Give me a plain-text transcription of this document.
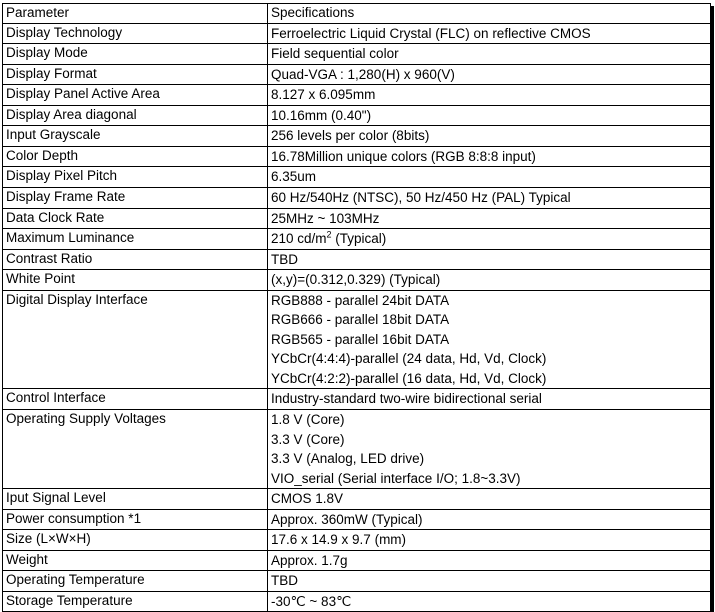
Parameter	Specifications
Display Technology	Ferroelectric Liquid Crystal (FLC) on reflective CMOS

Display Mode	Field sequential color

Display Format	Quad-VGA : 1,280(H) x 960(V)

Display Panel Active Area	8.127 x 6.095mm

Display Area diagonal	10.16mm (0.40")

Input Grayscale	256 levels per color (8bits)

Color Depth	16.78Million unique colors (RGB 8:8:8 input)

Display Pixel Pitch	6.35um

Display Frame Rate	60 Hz/540Hz (NTSC), 50 Hz/450 Hz (PAL) Typical

Data Clock Rate	25MHz ~ 103MHz

Maximum Luminance	210 $cd/m^2$ (Typical)

Contrast Ratio	TBD

White Point	(x,y)=(0.312,0.329) (Typical)

Digital Display Interface	RGB888 - parallel 24bit DATA
RGB666 - parallel 18bit DATA
RGB565 - parallel 16bit DATA
YCbCr(4:4:4)-parallel (24 data, Hd, Vd, Clock)
YCbCr(4:2:2)-parallel (16 data, Hd, Vd, Clock)

Control Interface	Industry-standard two-wire bidirectional serial

Operating Supply Voltages	1.8 V (Core)
3.3 V (Core)
3.3 V (Analog, LED drive)
VIO_serial (Serial interface I/O; 1.8~3.3V)

Iput Signal Level	CMOS 1.8V

Power consumption *1	Approx. 360mW (Typical)

Size (L×W×H)	17.6 x 14.9 x 9.7 (mm)

Weight	Approx. 1.7g

Operating Temperature	TBD

Storage Temperature	-30℃ ~ 83℃
